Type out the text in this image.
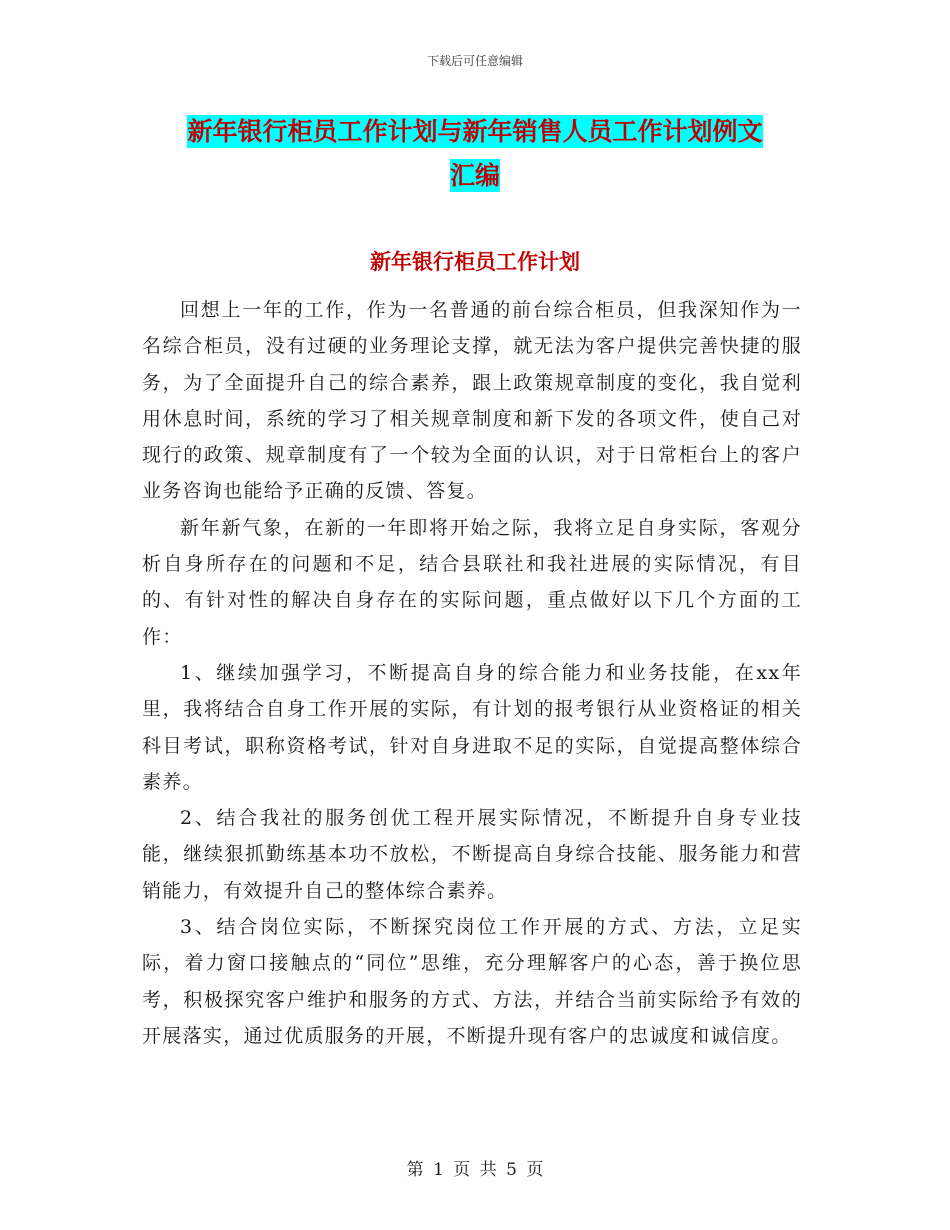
下载后可任意编辑
新年银行柜员工作计划与新年销售人员工作计划例文
汇编
新年银行柜员工作计划

回想上一年的工作，作为一名普通的前台综合柜员，但我深知作为一名综合柜员，没有过硬的业务理论支撑，就无法为客户提供完善快捷的服务，为了全面提升自己的综合素养，跟上政策规章制度的变化，我自觉利用休息时间，系统的学习了相关规章制度和新下发的各项文件，使自己对现行的政策、规章制度有了一个较为全面的认识，对于日常柜台上的客户业务咨询也能给予正确的反馈、答复。

新年新气象，在新的一年即将开始之际，我将立足自身实际，客观分析自身所存在的问题和不足，结合县联社和我社进展的实际情况，有目的、有针对性的解决自身存在的实际问题，重点做好以下几个方面的工作：

1、继续加强学习，不断提高自身的综合能力和业务技能，在xx年里，我将结合自身工作开展的实际，有计划的报考银行从业资格证的相关科目考试，职称资格考试，针对自身进取不足的实际，自觉提高整体综合素养。

2、结合我社的服务创优工程开展实际情况，不断提升自身专业技能，继续狠抓勤练基本功不放松，不断提高自身综合技能、服务能力和营销能力，有效提升自己的整体综合素养。

3、结合岗位实际，不断探究岗位工作开展的方式、方法，立足实际，着力窗口接触点的“同位”思维，充分理解客户的心态，善于换位思考，积极探究客户维护和服务的方式、方法，并结合当前实际给予有效的开展落实，通过优质服务的开展，不断提升现有客户的忠诚度和诚信度。

第 1 页 共 5 页
